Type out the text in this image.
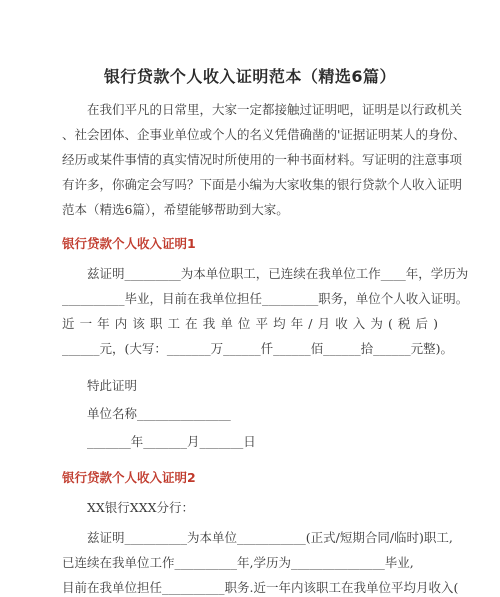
银行贷款个人收入证明范本（精选6篇）
在我们平凡的日常里，大家一定都接触过证明吧，证明是以行政机关
、社会团体、企事业单位或个人的名义凭借确凿的'证据证明某人的身份、
经历或某件事情的真实情况时所使用的一种书面材料。写证明的注意事项
有许多，你确定会写吗？下面是小编为大家收集的银行贷款个人收入证明
范本（精选6篇），希望能够帮助到大家。
银行贷款个人收入证明1
兹证明_________为本单位职工，已连续在我单位工作____年，学历为
__________毕业，目前在我单位担任_________职务，单位个人收入证明。
近一年内该职工在我单位平均年/月收入为(税后)
______元，(大写：_______万______仟______佰______拾______元整)。
特此证明
单位名称_______________
_______年_______月_______日
银行贷款个人收入证明2
XX银行XXX分行：
兹证明__________为本单位___________(正式/短期合同/临时)职工,
已连续在我单位工作__________年,学历为_______________毕业,
目前在我单位担任__________职务.近一年内该职工在我单位平均月收入(
